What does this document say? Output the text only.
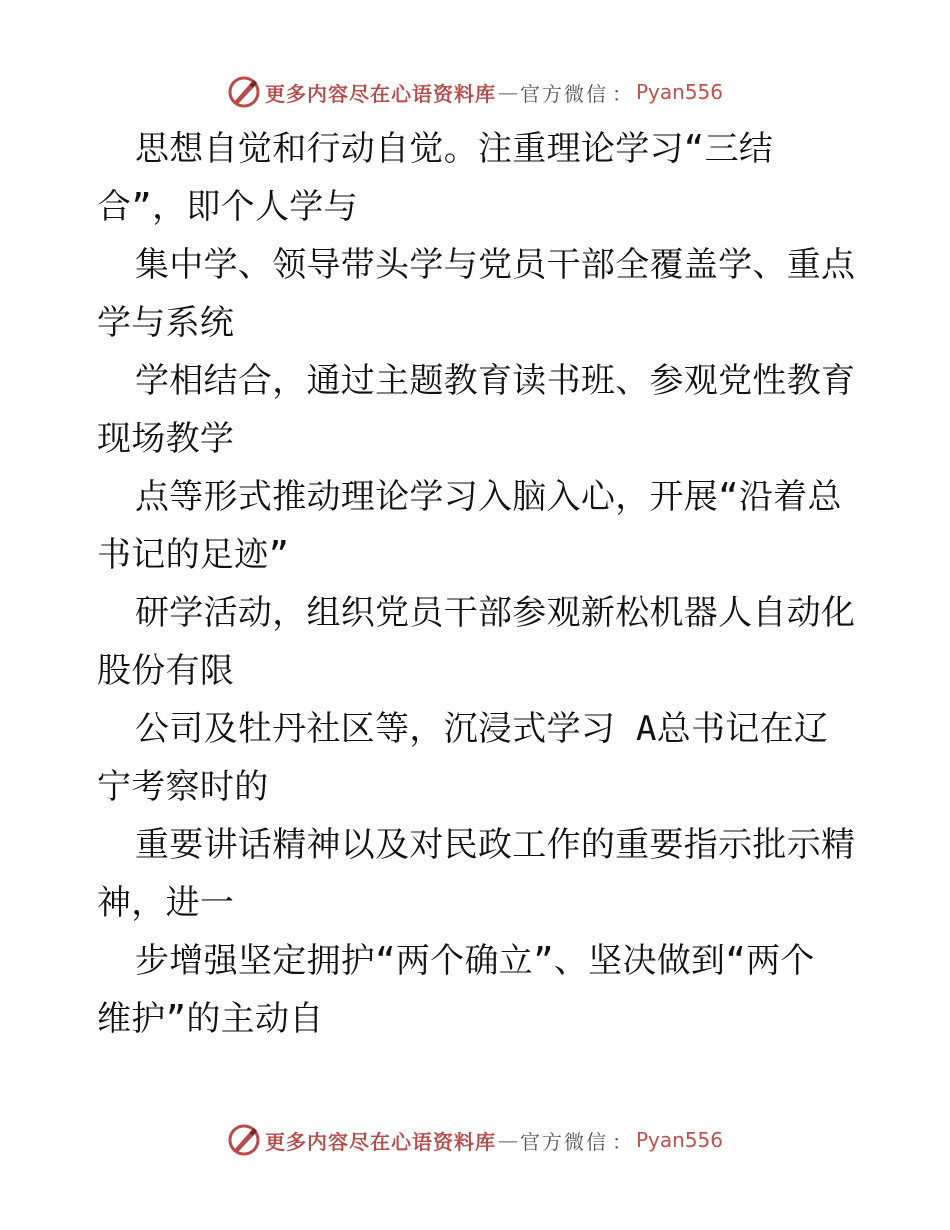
更多内容尽在心语资料库 — 官方微信 ： Pyan556
思想自觉和行动自觉。注重理论学习“三结
合”，即个人学与
集中学、领导带头学与党员干部全覆盖学、重点
学与系统
学相结合，通过主题教育读书班、参观党性教育
现场教学
点等形式推动理论学习入脑入心，开展“沿着总
书记的足迹”
研学活动，组织党员干部参观新松机器人自动化
股份有限
公司及牡丹社区等，沉浸式学习 A总书记在辽
宁考察时的
重要讲话精神以及对民政工作的重要指示批示精
神，进一
步增强坚定拥护“两个确立”、坚决做到“两个
维护”的主动自
更多内容尽在心语资料库 — 官方微信 ： Pyan556
